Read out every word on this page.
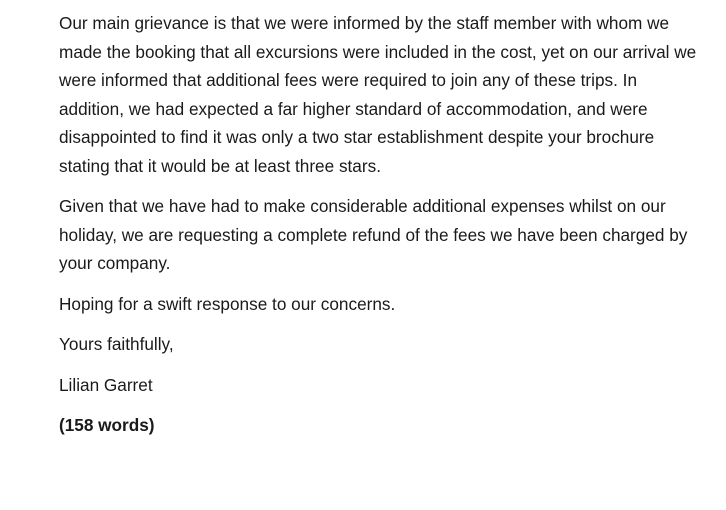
Our main grievance is that we were informed by the staff member with whom we made the booking that all excursions were included in the cost, yet on our arrival we were informed that additional fees were required to join any of these trips. In addition, we had expected a far higher standard of accommodation, and were disappointed to find it was only a two star establishment despite your brochure stating that it would be at least three stars.

Given that we have had to make considerable additional expenses whilst on our holiday, we are requesting a complete refund of the fees we have been charged by your company.

Hoping for a swift response to our concerns.

Yours faithfully,

Lilian Garret

(158 words)
